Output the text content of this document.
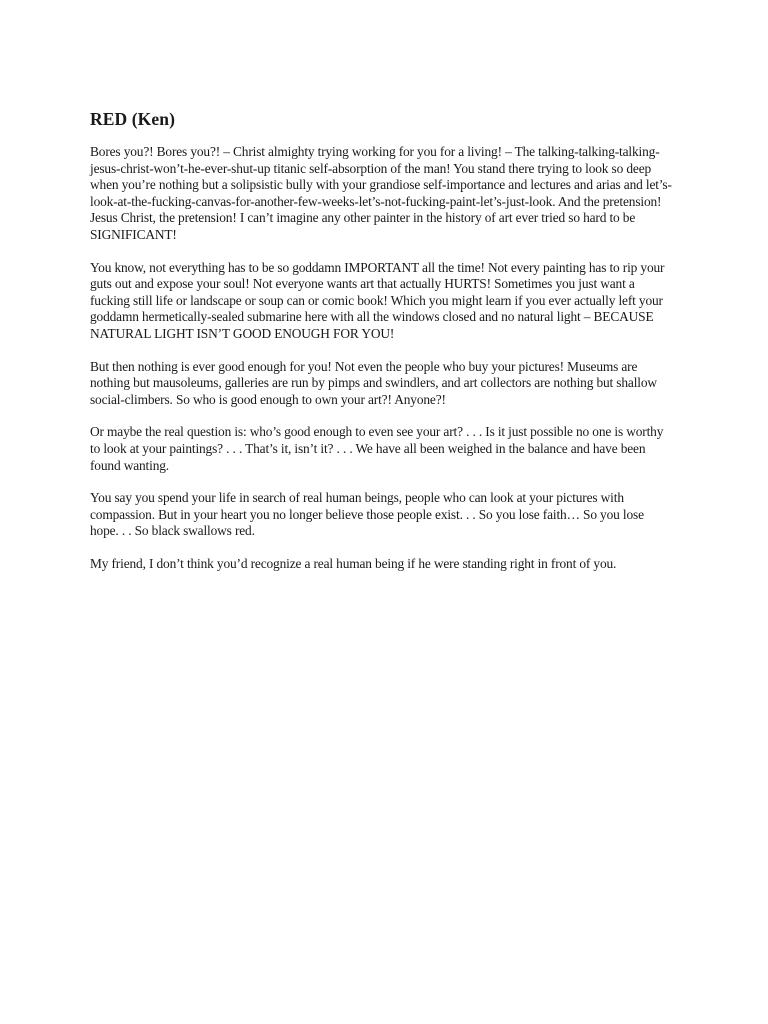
RED (Ken)

Bores you?! Bores you?! – Christ almighty trying working for you for a living! – The talking-talking-talking-jesus-christ-won’t-he-ever-shut-up titanic self-absorption of the man! You stand there trying to look so deep when you’re nothing but a solipsistic bully with your grandiose self-importance and lectures and arias and let’s-look-at-the-fucking-canvas-for-another-few-weeks-let’s-not-fucking-paint-let’s-just-look. And the pretension! Jesus Christ, the pretension! I can’t imagine any other painter in the history of art ever tried so hard to be SIGNIFICANT!

You know, not everything has to be so goddamn IMPORTANT all the time! Not every painting has to rip your guts out and expose your soul! Not everyone wants art that actually HURTS! Sometimes you just want a fucking still life or landscape or soup can or comic book! Which you might learn if you ever actually left your goddamn hermetically-sealed submarine here with all the windows closed and no natural light – BECAUSE NATURAL LIGHT ISN’T GOOD ENOUGH FOR YOU!

But then nothing is ever good enough for you! Not even the people who buy your pictures! Museums are nothing but mausoleums, galleries are run by pimps and swindlers, and art collectors are nothing but shallow social-climbers. So who is good enough to own your art?! Anyone?!

Or maybe the real question is: who’s good enough to even see your art? . . . Is it just possible no one is worthy to look at your paintings? . . . That’s it, isn’t it? . . . We have all been weighed in the balance and have been found wanting.

You say you spend your life in search of real human beings, people who can look at your pictures with compassion. But in your heart you no longer believe those people exist. . . So you lose faith… So you lose hope. . . So black swallows red.

My friend, I don’t think you’d recognize a real human being if he were standing right in front of you.
